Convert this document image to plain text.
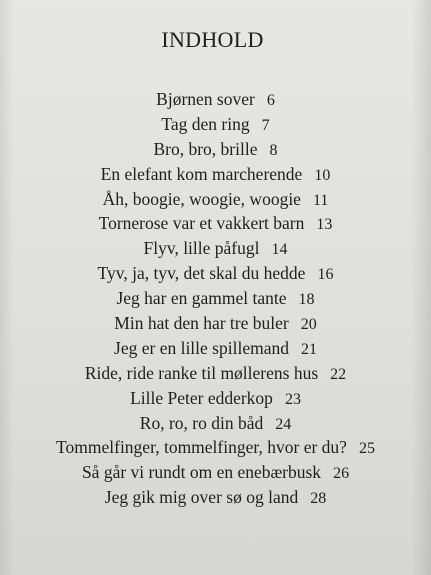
INDHOLD
Bjørnen sover 6
Tag den ring 7
Bro, bro, brille 8
En elefant kom marcherende 10
Åh, boogie, woogie, woogie 11
Tornerose var et vakkert barn 13
Flyv, lille påfugl 14
Tyv, ja, tyv, det skal du hedde 16
Jeg har en gammel tante 18
Min hat den har tre buler 20
Jeg er en lille spillemand 21
Ride, ride ranke til møllerens hus 22
Lille Peter edderkop 23
Ro, ro, ro din båd 24
Tommelfinger, tommelfinger, hvor er du? 25
Så går vi rundt om en enebærbusk 26
Jeg gik mig over sø og land 28
